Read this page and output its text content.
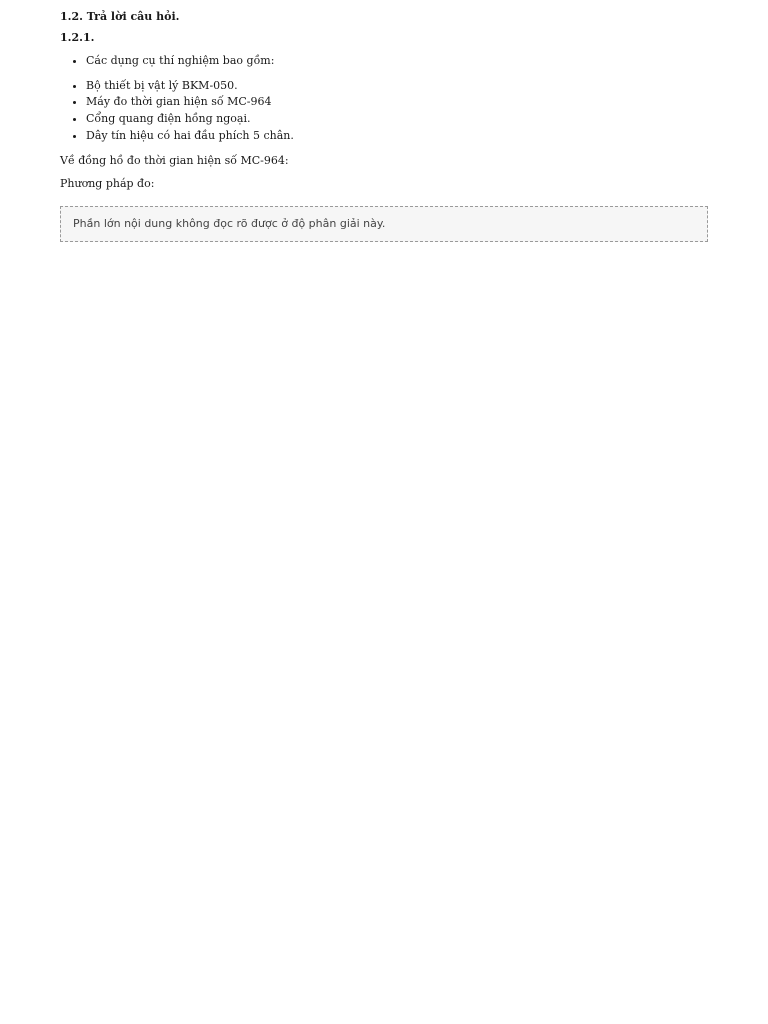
1.2. Trả lời câu hỏi.

1.2.1.

• Các dụng cụ thí nghiệm bao gồm:
• Bộ thiết bị vật lý BKM-050.
• Máy đo thời gian hiện số MC-964
• Cổng quang điện hồng ngoại.
• Dây tín hiệu có hai đầu phích 5 chân.

Về đồng hồ đo thời gian hiện số MC-964:

Phương pháp đo:

Phần lớn nội dung không đọc rõ được ở độ phân giải này.
